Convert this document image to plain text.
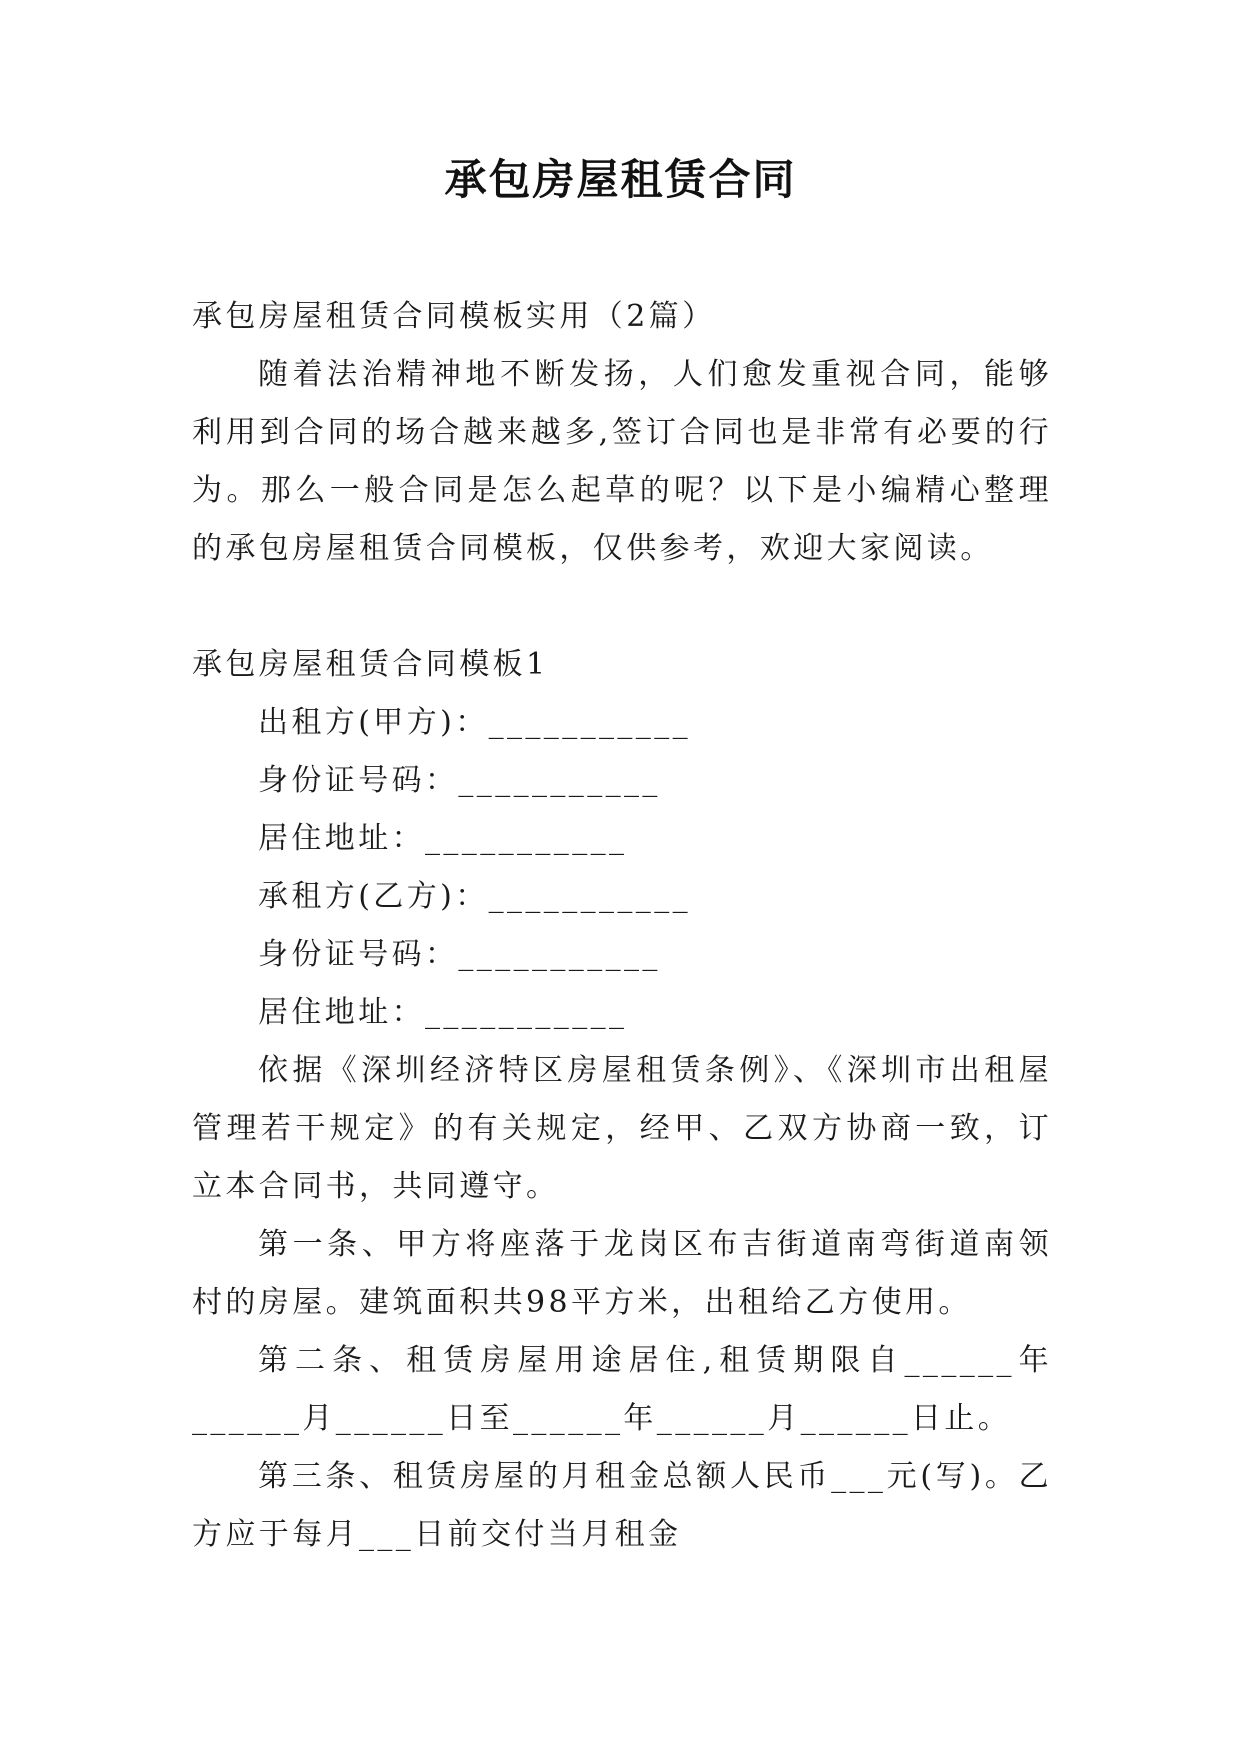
承包房屋租赁合同
承包房屋租赁合同模板实用（2篇）

随着法治精神地不断发扬，人们愈发重视合同，能够利用到合同的场合越来越多,签订合同也是非常有必要的行为。那么一般合同是怎么起草的呢？以下是小编精心整理的承包房屋租赁合同模板，仅供参考，欢迎大家阅读。

承包房屋租赁合同模板1
出租方(甲方)：___________
身份证号码：___________
居住地址：___________
承租方(乙方)：___________
身份证号码：___________
居住地址：___________

依据《深圳经济特区房屋租赁条例》、《深圳市出租屋管理若干规定》的有关规定，经甲、乙双方协商一致，订立本合同书，共同遵守。

第一条、甲方将座落于龙岗区布吉街道南弯街道南领村的房屋。建筑面积共98平方米，出租给乙方使用。

第二条、租赁房屋用途居住,租赁期限自______年______月______日至______年______月______日止。

第三条、租赁房屋的月租金总额人民币___元(写)。乙方应于每月___日前交付当月租金
